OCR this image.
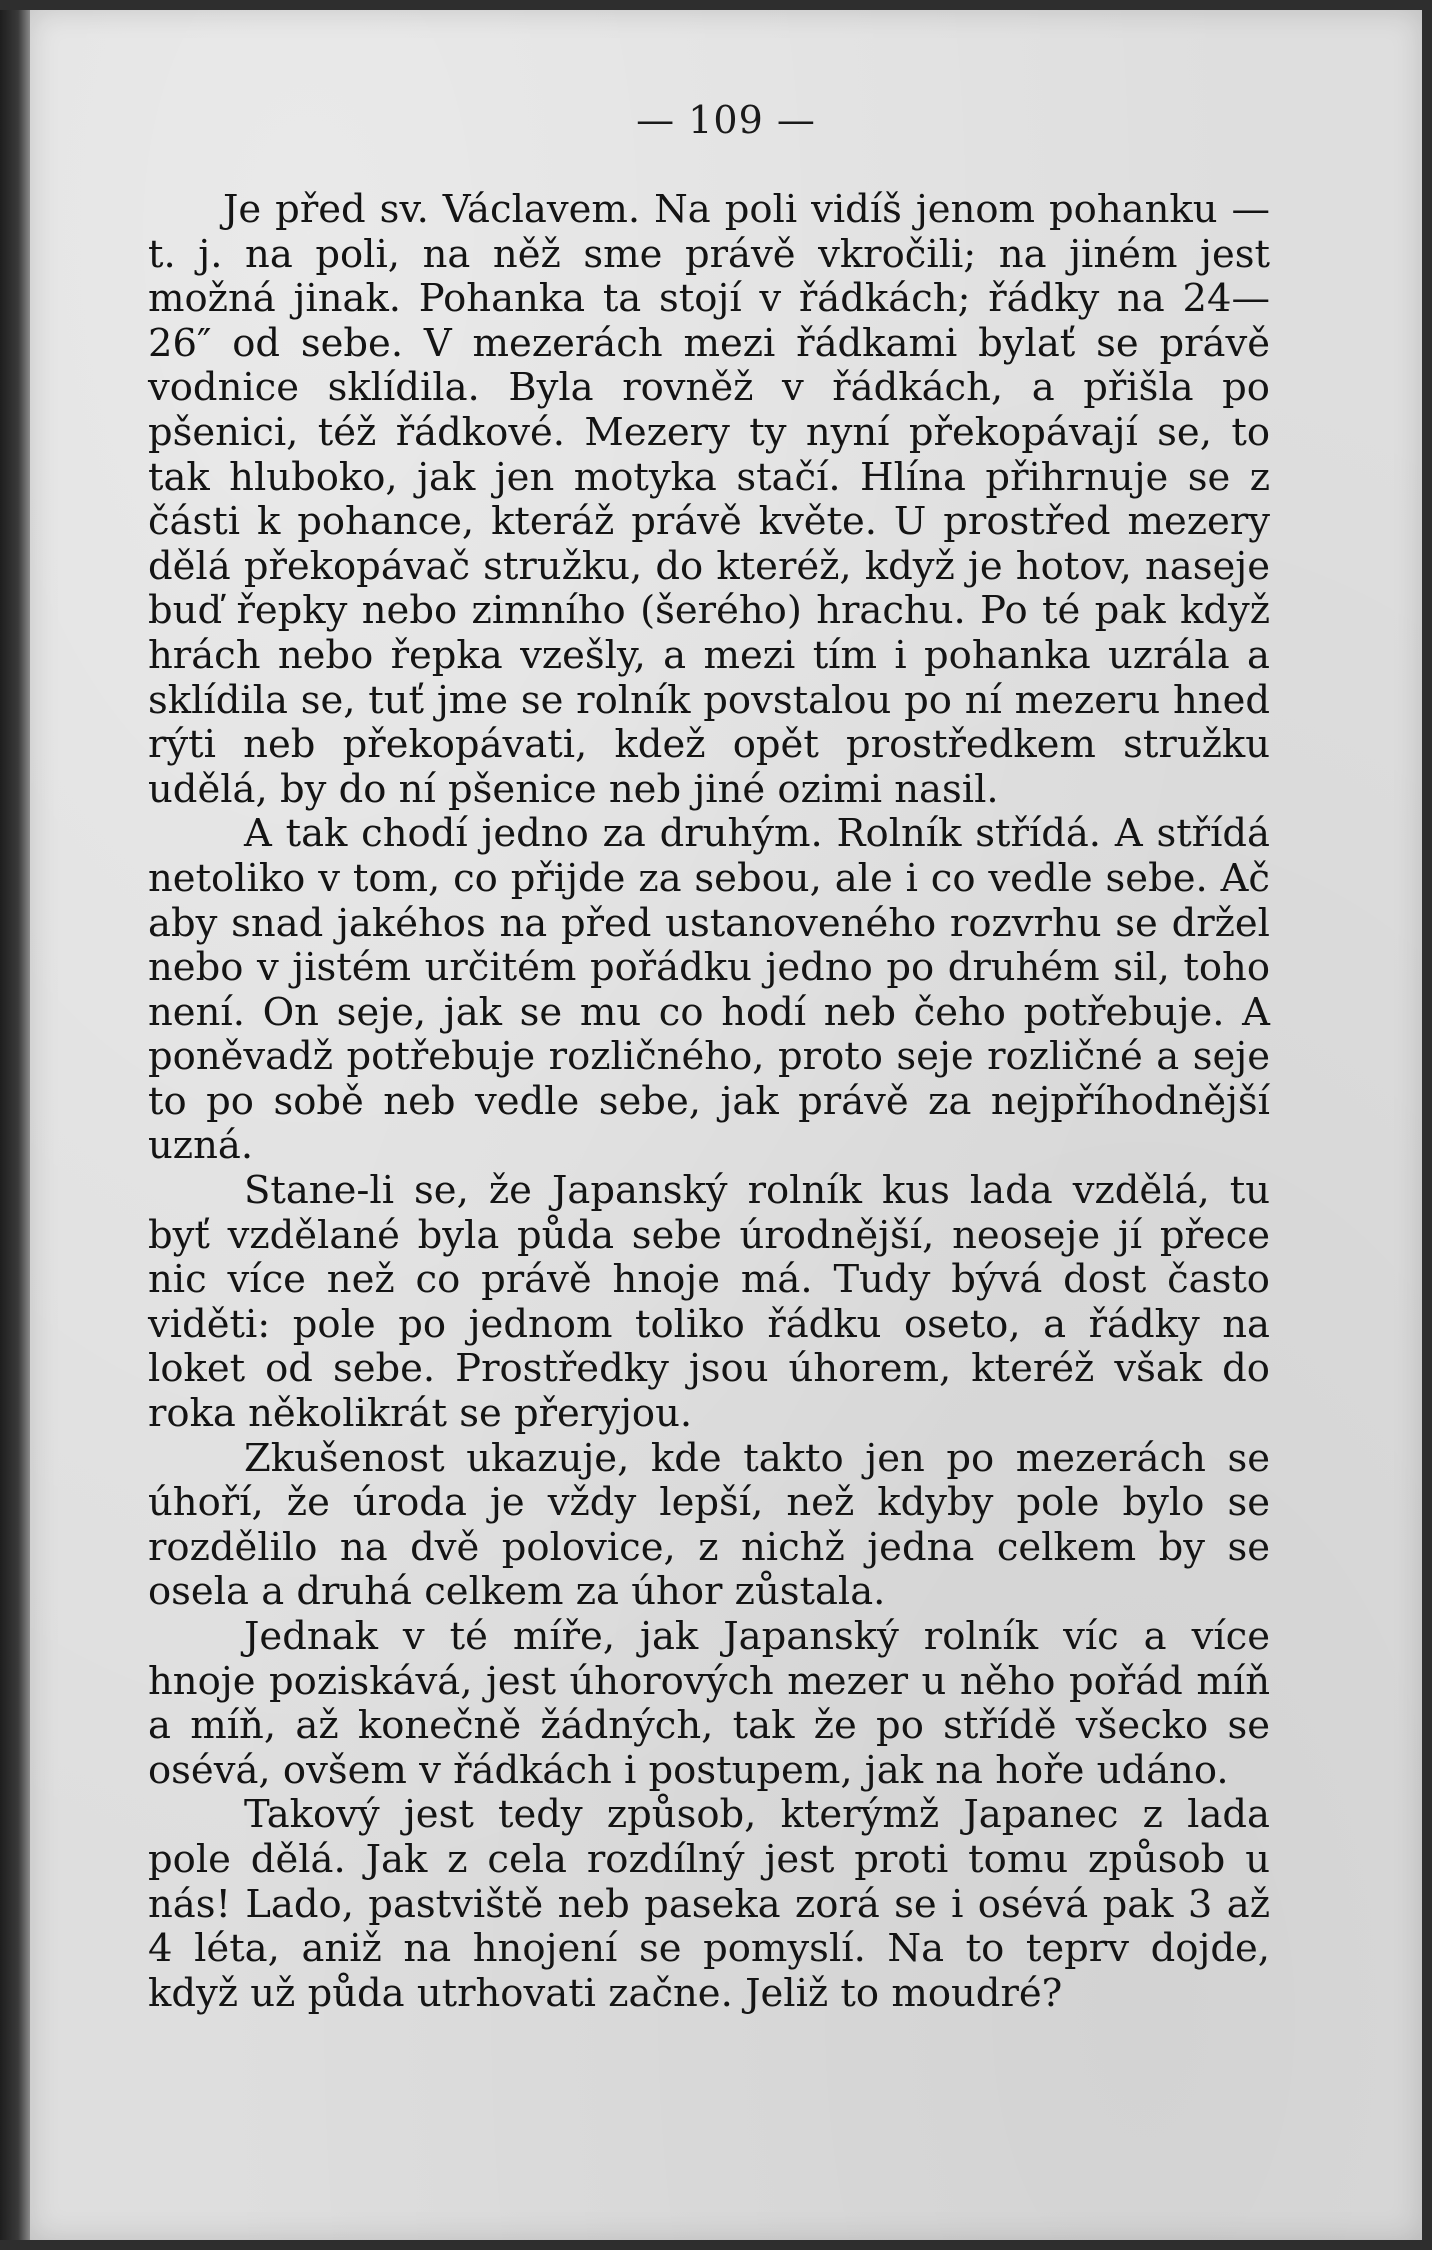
— 109 —

Je před sv. Václavem. Na poli vidíš jenom pohanku — t. j. na poli, na něž sme právě vkročili; na jiném jest možná jinak. Pohanka ta stojí v řádkách; řádky na 24—26″ od sebe. V mezerách mezi řádkami bylať se právě vodnice sklídila. Byla rovněž v řádkách, a přišla po pšenici, též řádkové. Mezery ty nyní překopávají se, to tak hluboko, jak jen motyka stačí. Hlína přihrnuje se z části k pohance, kteráž právě květe. U prostřed mezery dělá překopávač stružku, do kteréž, když je hotov, naseje buď řepky nebo zimního (šerého) hrachu. Po té pak když hrách nebo řepka vzešly, a mezi tím i pohanka uzrála a sklídila se, tuť jme se rolník povstalou po ní mezeru hned rýti neb překopávati, kdež opět prostředkem stružku udělá, by do ní pšenice neb jiné ozimi nasil.

A tak chodí jedno za druhým. Rolník střídá. A střídá netoliko v tom, co přijde za sebou, ale i co vedle sebe. Ač aby snad jakéhos na před ustanoveného rozvrhu se držel nebo v jistém určitém pořádku jedno po druhém sil, toho není. On seje, jak se mu co hodí neb čeho potřebuje. A poněvadž potřebuje rozličného, proto seje rozličné a seje to po sobě neb vedle sebe, jak právě za nejpříhodnější uzná.

Stane-li se, že Japanský rolník kus lada vzdělá, tu byť vzdělané byla půda sebe úrodnější, neoseje jí přece nic více než co právě hnoje má. Tudy bývá dost často viděti: pole po jednom toliko řádku oseto, a řádky na loket od sebe. Prostředky jsou úhorem, kteréž však do roka několikrát se přeryjou.

Zkušenost ukazuje, kde takto jen po mezerách se úhoří, že úroda je vždy lepší, než kdyby pole bylo se rozdělilo na dvě polovice, z nichž jedna celkem by se osela a druhá celkem za úhor zůstala.

Jednak v té míře, jak Japanský rolník víc a více hnoje poziskává, jest úhorových mezer u něho pořád míň a míň, až konečně žádných, tak že po střídě všecko se osévá, ovšem v řádkách i postupem, jak na hoře udáno.

Takový jest tedy způsob, kterýmž Japanec z lada pole dělá. Jak z cela rozdílný jest proti tomu způsob u nás! Lado, pastviště neb paseka zorá se i osévá pak 3 až 4 léta, aniž na hnojení se pomyslí. Na to teprv dojde, když už půda utrhovati začne. Jeliž to moudré?
